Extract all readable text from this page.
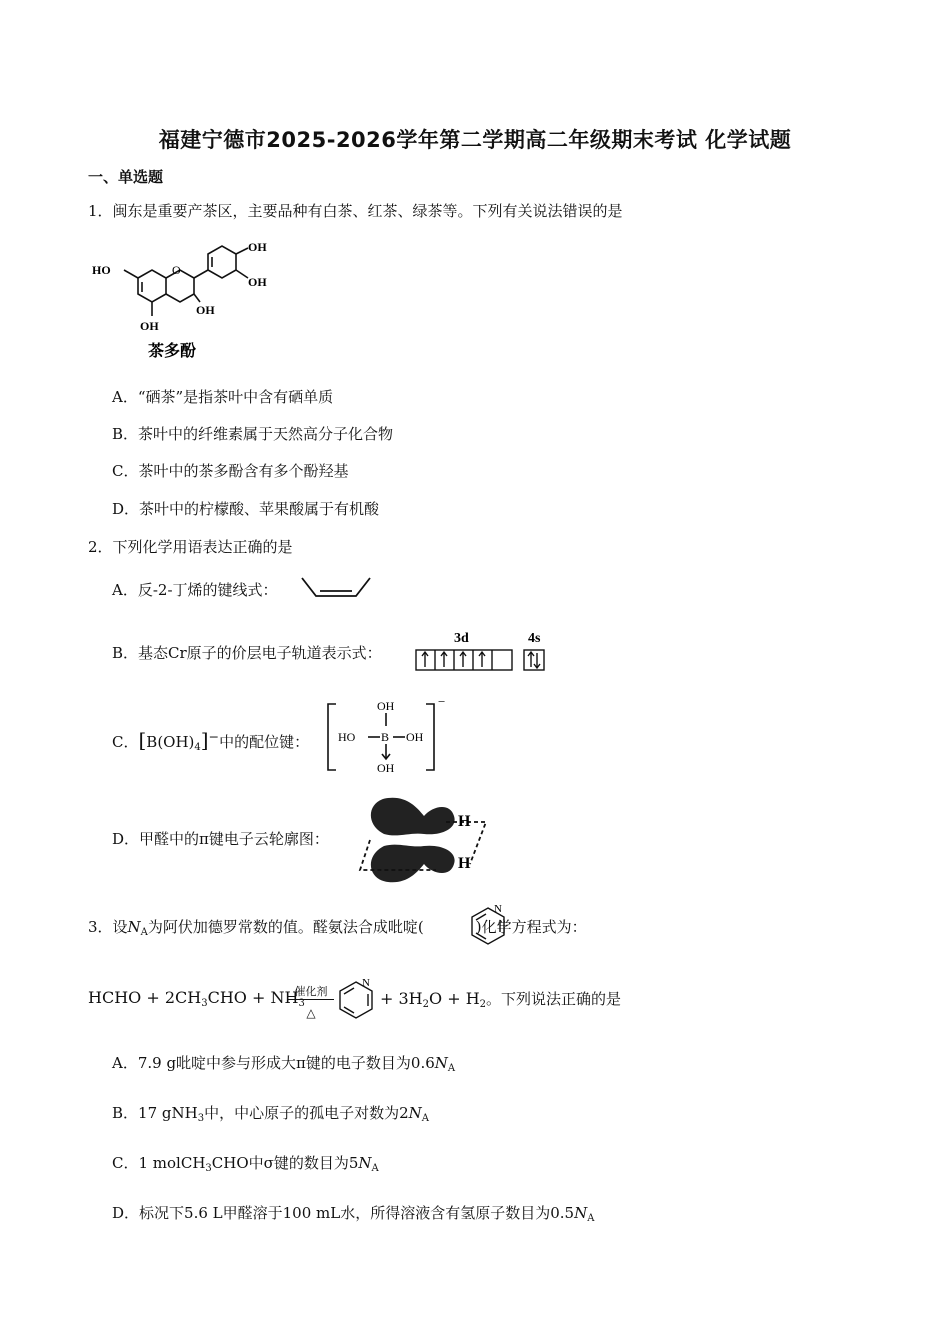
福建宁德市2025-2026学年第二学期高二年级期末考试 化学试题
一、单选题
1．闽东是重要产茶区，主要品种有白茶、红茶、绿茶等。下列有关说法错误的是
O
HO
OH
OH
OH
OH
茶多酚
A．“硒茶”是指茶叶中含有硒单质
B．茶叶中的纤维素属于天然高分子化合物
C．茶叶中的茶多酚含有多个酚羟基
D．茶叶中的柠檬酸、苹果酸属于有机酸
2．下列化学用语表达正确的是
A．反-2-丁烯的键线式：
B．基态Cr原子的价层电子轨道表示式：
3d	4s
C．$[B(OH)_4]^-$中的配位键：
OH
HO B OH
OH
−
D．甲醛中的π键电子云轮廓图：	O	C
H
H
3．设$N_A$为阿伏加德罗常数的值。醛氨法合成吡啶(	)化学方程式为：
N
HCHO + $2CH_3CHO + NH_3$
催化剂
△
N
+ $3H_2O + H_2$。下列说法正确的是
A．7.9 g吡啶中参与形成大π键的电子数目为$0.6N_A$
B．17 gNH$_3$中，中心原子的孤电子对数为$2N_A$
C．1 molCH$_3$CHO中σ键的数目为$5N_A$
D．标况下5.6 L甲醛溶于100 mL水，所得溶液含有氢原子数目为$0.5N_A$
